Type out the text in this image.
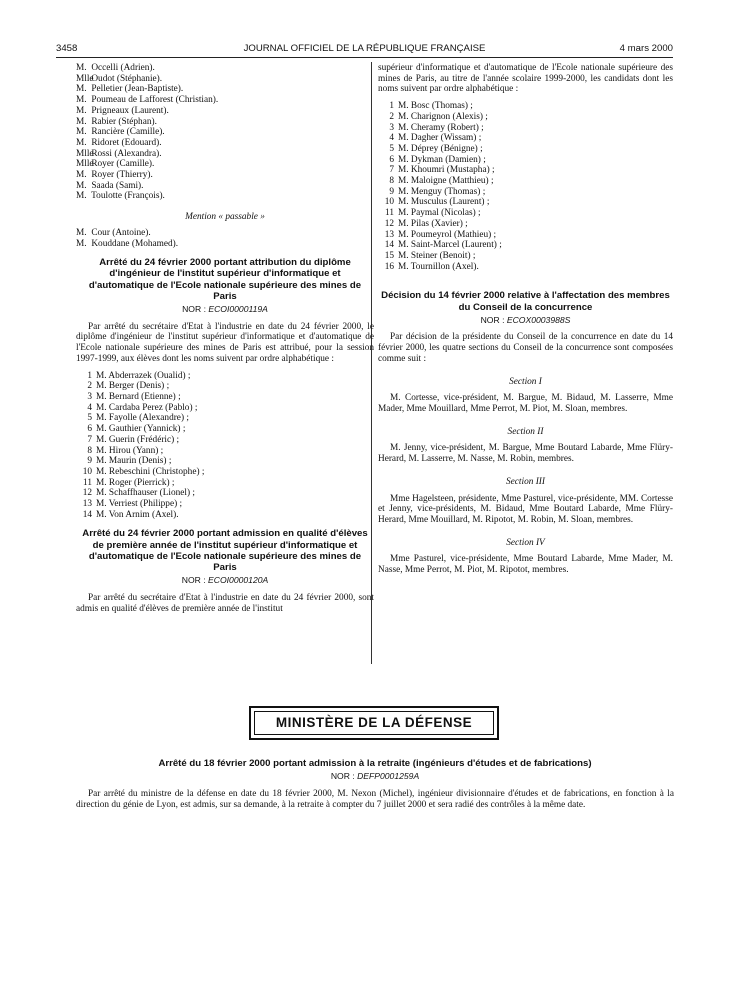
3458	JOURNAL OFFICIEL DE LA RÉPUBLIQUE FRANÇAISE	4 mars 2000

M. Occelli (Adrien).

Mlle Oudot (Stéphanie).

M. Pelletier (Jean-Baptiste).

M. Poumeau de Lafforest (Christian).

M. Prigneaux (Laurent).

M. Rabier (Stéphan).

M. Rancière (Camille).

M. Ridoret (Edouard).

Mlle Rossi (Alexandra).

Mlle Royer (Camille).

M. Royer (Thierry).

M. Saada (Sami).

M. Toulotte (François).

Mention « passable »

M. Cour (Antoine).

M. Kouddane (Mohamed).

Arrêté du 24 février 2000 portant attribution du diplôme d'ingénieur de l'institut supérieur d'informatique et d'automatique de l'Ecole nationale supérieure des mines de Paris

NOR : ECOI0000119A

Par arrêté du secrétaire d'Etat à l'industrie en date du 24 février 2000, le diplôme d'ingénieur de l'institut supérieur d'informatique et d'automatique de l'Ecole nationale supérieure des mines de Paris est attribué, pour la session 1997-1999, aux élèves dont les noms suivent par ordre alphabétique :

1 M. Abderrazek (Oualid) ;
2 M. Berger (Denis) ;
3 M. Bernard (Etienne) ;
4 M. Cardaba Perez (Pablo) ;
5 M. Fayolle (Alexandre) ;
6 M. Gauthier (Yannick) ;
7 M. Guerin (Frédéric) ;
8 M. Hirou (Yann) ;
9 M. Maurin (Denis) ;
10 M. Rebeschini (Christophe) ;
11 M. Roger (Pierrick) ;
12 M. Schaffhauser (Lionel) ;
13 M. Verriest (Philippe) ;
14 M. Von Arnim (Axel).

Arrêté du 24 février 2000 portant admission en qualité d'élèves de première année de l'institut supérieur d'informatique et d'automatique de l'Ecole nationale supérieure des mines de Paris

NOR : ECOI0000120A

Par arrêté du secrétaire d'Etat à l'industrie en date du 24 février 2000, sont admis en qualité d'élèves de première année de l'institut

supérieur d'informatique et d'automatique de l'Ecole nationale supérieure des mines de Paris, au titre de l'année scolaire 1999-2000, les candidats dont les noms suivent par ordre alphabétique :

1 M. Bosc (Thomas) ;
2 M. Charignon (Alexis) ;
3 M. Cheramy (Robert) ;
4 M. Dagher (Wissam) ;
5 M. Déprey (Bénigne) ;
6 M. Dykman (Damien) ;
7 M. Khoumri (Mustapha) ;
8 M. Maloigne (Matthieu) ;
9 M. Menguy (Thomas) ;
10 M. Musculus (Laurent) ;
11 M. Paymal (Nicolas) ;
12 M. Pilas (Xavier) ;
13 M. Poumeyrol (Mathieu) ;
14 M. Saint-Marcel (Laurent) ;
15 M. Steiner (Benoit) ;
16 M. Tournillon (Axel).

Décision du 14 février 2000 relative à l'affectation des membres du Conseil de la concurrence

NOR : ECOX0003988S

Par décision de la présidente du Conseil de la concurrence en date du 14 février 2000, les quatre sections du Conseil de la concurrence sont composées comme suit :

Section I

M. Cortesse, vice-président, M. Bargue, M. Bidaud, M. Lasserre, Mme Mader, Mme Mouillard, Mme Perrot, M. Piot, M. Sloan, membres.

Section II

M. Jenny, vice-président, M. Bargue, Mme Boutard Labarde, Mme Flüry-Herard, M. Lasserre, M. Nasse, M. Robin, membres.

Section III

Mme Hagelsteen, présidente, Mme Pasturel, vice-présidente, MM. Cortesse et Jenny, vice-présidents, M. Bidaud, Mme Boutard Labarde, Mme Flüry-Herard, Mme Mouillard, M. Ripotot, M. Robin, M. Sloan, membres.

Section IV

Mme Pasturel, vice-présidente, Mme Boutard Labarde, Mme Mader, M. Nasse, Mme Perrot, M. Piot, M. Ripotot, membres.

MINISTÈRE DE LA DÉFENSE

Arrêté du 18 février 2000 portant admission à la retraite (ingénieurs d'études et de fabrications)

NOR : DEFP0001259A

Par arrêté du ministre de la défense en date du 18 février 2000, M. Nexon (Michel), ingénieur divisionnaire d'études et de fabrications, en fonction à la direction du génie de Lyon, est admis, sur sa demande, à la retraite à compter du 7 juillet 2000 et sera radié des contrôles à la même date.
